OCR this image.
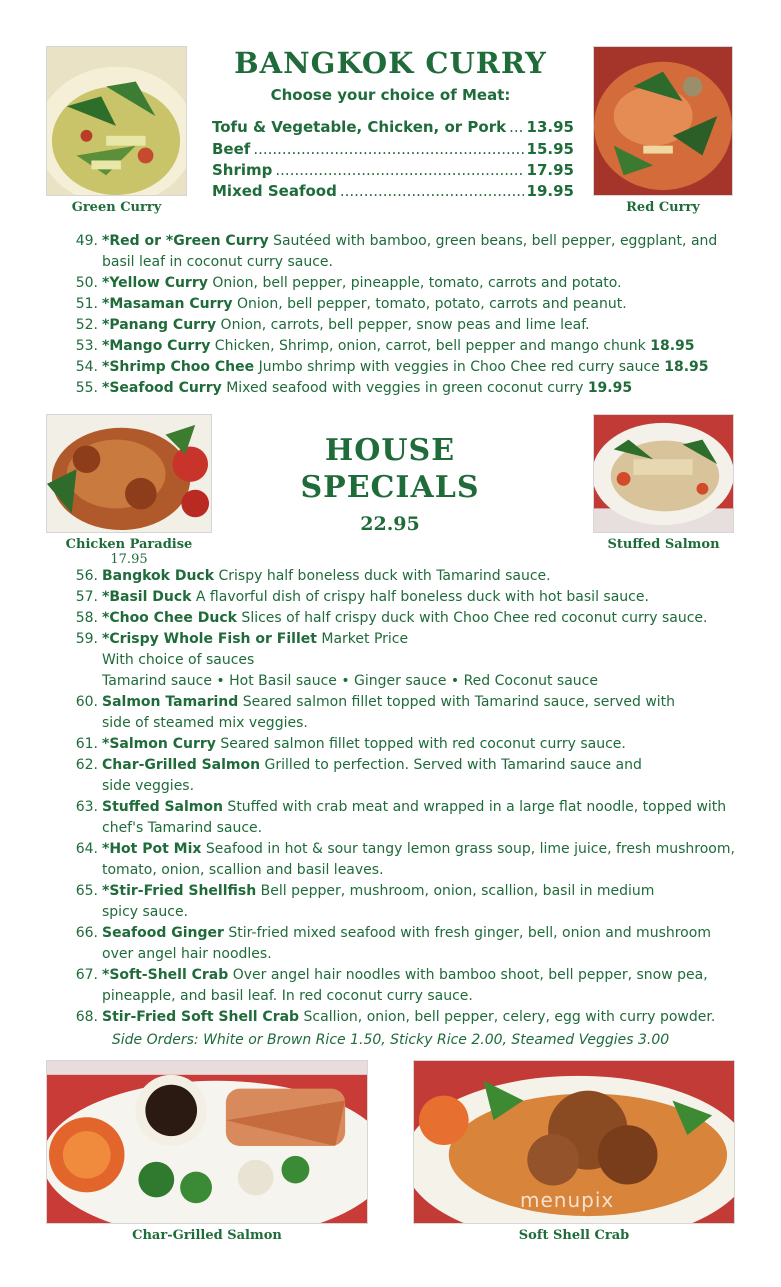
Green Curry	Red Curry
BANGKOK CURRY
Choose your choice of Meat:
Tofu & Vegetable, Chicken, or Pork ..... 13.95
Beef .....	15.95
Shrimp .....	17.95
Mixed Seafood .....	19.95
49. *Red or *Green Curry Sautéed with bamboo, green beans, bell pepper, eggplant, and basil leaf in coconut curry sauce.
50. *Yellow Curry Onion, bell pepper, pineapple, tomato, carrots and potato.
51. *Masaman Curry Onion, bell pepper, tomato, potato, carrots and peanut.
52. *Panang Curry Onion, carrots, bell pepper, snow peas and lime leaf.
53. *Mango Curry Chicken, Shrimp, onion, carrot, bell pepper and mango chunk 18.95
54. *Shrimp Choo Chee Jumbo shrimp with veggies in Choo Chee red curry sauce 18.95
55. *Seafood Curry Mixed seafood with veggies in green coconut curry 19.95
Chicken Paradise 17.95
Stuffed Salmon
HOUSE
SPECIALS
22.95
56. Bangkok Duck Crispy half boneless duck with Tamarind sauce.
57. *Basil Duck A flavorful dish of crispy half boneless duck with hot basil sauce.
58. *Choo Chee Duck Slices of half crispy duck with Choo Chee red coconut curry sauce.
59. *Crispy Whole Fish or Fillet Market Price
With choice of sauces
Tamarind sauce • Hot Basil sauce • Ginger sauce • Red Coconut sauce
60. Salmon Tamarind Seared salmon fillet topped with Tamarind sauce, served with side of steamed mix veggies.
61. *Salmon Curry Seared salmon fillet topped with red coconut curry sauce.
62. Char-Grilled Salmon Grilled to perfection. Served with Tamarind sauce and side veggies.
63. Stuffed Salmon Stuffed with crab meat and wrapped in a large flat noodle, topped with chef's Tamarind sauce.
64. *Hot Pot Mix Seafood in hot & sour tangy lemon grass soup, lime juice, fresh mushroom, tomato, onion, scallion and basil leaves.
65. *Stir-Fried Shellfish Bell pepper, mushroom, onion, scallion, basil in medium spicy sauce.
66. Seafood Ginger Stir-fried mixed seafood with fresh ginger, bell, onion and mushroom over angel hair noodles.
67. *Soft-Shell Crab Over angel hair noodles with bamboo shoot, bell pepper, snow pea, pineapple, and basil leaf. In red coconut curry sauce.
68. Stir-Fried Soft Shell Crab Scallion, onion, bell pepper, celery, egg with curry powder.
Side Orders: White or Brown Rice 1.50, Sticky Rice 2.00, Steamed Veggies 3.00
Char-Grilled Salmon
menupix
Soft Shell Crab
